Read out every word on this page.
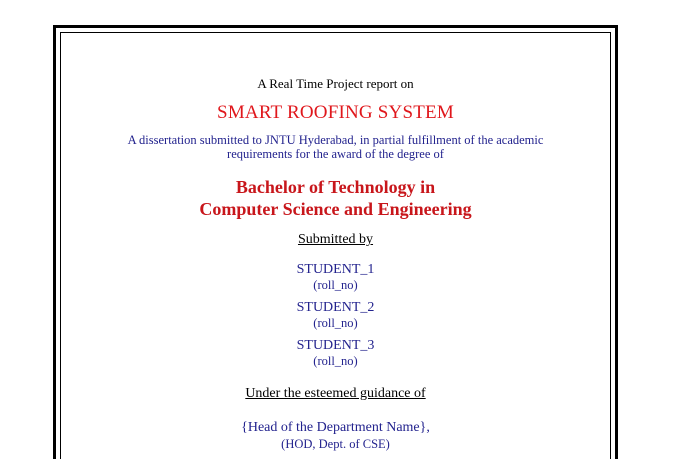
A Real Time Project report on

SMART ROOFING SYSTEM

A dissertation submitted to JNTU Hyderabad, in partial fulfillment of the academic
requirements for the award of the degree of
Bachelor of Technology in
Computer Science and Engineering

Submitted by

STUDENT_1
(roll_no)
STUDENT_2
(roll_no)
STUDENT_3
(roll_no)

Under the esteemed guidance of

{Head of the Department Name},

(HOD, Dept. of CSE)
